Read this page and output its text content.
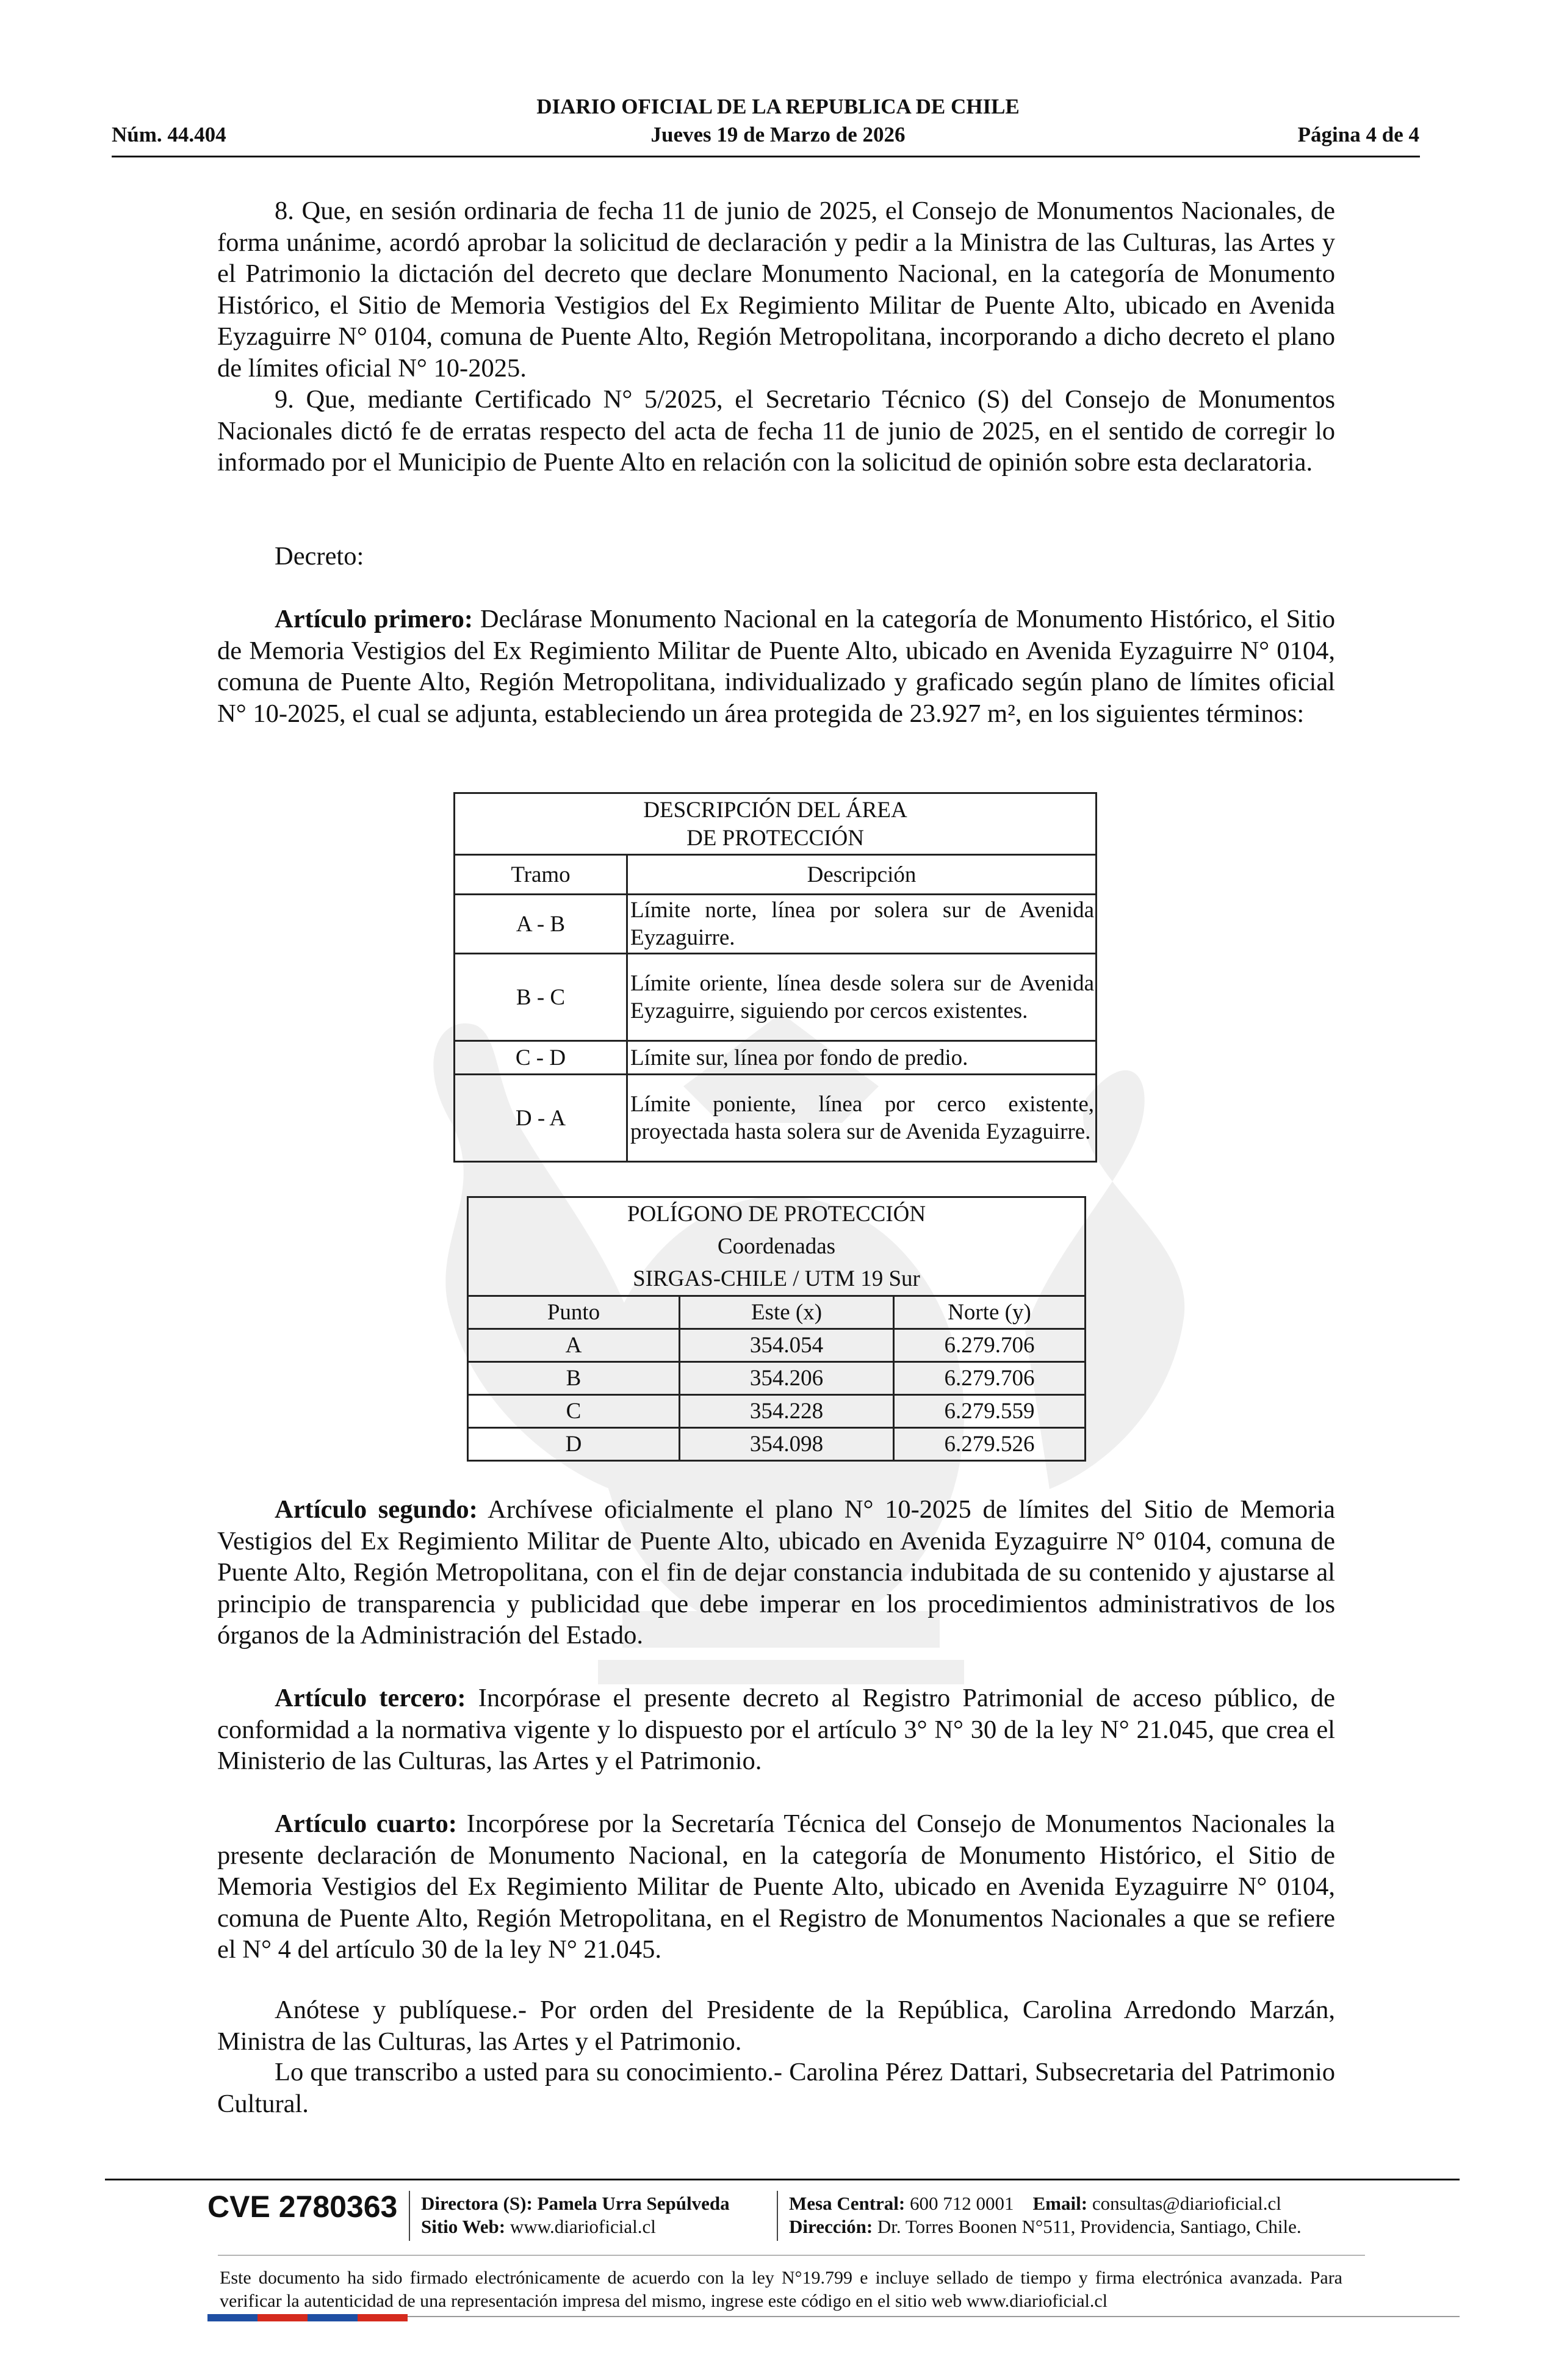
DIARIO OFICIAL DE LA REPUBLICA DE CHILE
Núm. 44.404	Jueves 19 de Marzo de 2026	Página 4 de 4

8. Que, en sesión ordinaria de fecha 11 de junio de 2025, el Consejo de Monumentos Nacionales, de forma unánime, acordó aprobar la solicitud de declaración y pedir a la Ministra de las Culturas, las Artes y el Patrimonio la dictación del decreto que declare Monumento Nacional, en la categoría de Monumento Histórico, el Sitio de Memoria Vestigios del Ex Regimiento Militar de Puente Alto, ubicado en Avenida Eyzaguirre N° 0104, comuna de Puente Alto, Región Metropolitana, incorporando a dicho decreto el plano de límites oficial N° 10-2025.

9. Que, mediante Certificado N° 5/2025, el Secretario Técnico (S) del Consejo de Monumentos Nacionales dictó fe de erratas respecto del acta de fecha 11 de junio de 2025, en el sentido de corregir lo informado por el Municipio de Puente Alto en relación con la solicitud de opinión sobre esta declaratoria.

Decreto:

Artículo primero: Declárase Monumento Nacional en la categoría de Monumento Histórico, el Sitio de Memoria Vestigios del Ex Regimiento Militar de Puente Alto, ubicado en Avenida Eyzaguirre N° 0104, comuna de Puente Alto, Región Metropolitana, individualizado y graficado según plano de límites oficial N° 10-2025, el cual se adjunta, estableciendo un área protegida de 23.927 m², en los siguientes términos:

DESCRIPCIÓN DEL ÁREA
DE PROTECCIÓN	

Tramo	Descripción
A - B	Límite norte, línea por solera sur de Avenida Eyzaguirre.
B - C	Límite oriente, línea desde solera sur de Avenida Eyzaguirre, siguiendo por cercos existentes.
C - D	Límite sur, línea por fondo de predio.
D - A	Límite poniente, línea por cerco existente, proyectada hasta solera sur de Avenida Eyzaguirre.
POLÍGONO DE PROTECCIÓN
Coordenadas
SIRGAS-CHILE / UTM 19 Sur		

Punto	Este (x)	Norte (y)
A	354.054	6.279.706
B	354.206	6.279.706
C	354.228	6.279.559
D	354.098	6.279.526

Artículo segundo: Archívese oficialmente el plano N° 10-2025 de límites del Sitio de Memoria Vestigios del Ex Regimiento Militar de Puente Alto, ubicado en Avenida Eyzaguirre N° 0104, comuna de Puente Alto, Región Metropolitana, con el fin de dejar constancia indubitada de su contenido y ajustarse al principio de transparencia y publicidad que debe imperar en los procedimientos administrativos de los órganos de la Administración del Estado.

Artículo tercero: Incorpórase el presente decreto al Registro Patrimonial de acceso público, de conformidad a la normativa vigente y lo dispuesto por el artículo 3° N° 30 de la ley N° 21.045, que crea el Ministerio de las Culturas, las Artes y el Patrimonio.

Artículo cuarto: Incorpórese por la Secretaría Técnica del Consejo de Monumentos Nacionales la presente declaración de Monumento Nacional, en la categoría de Monumento Histórico, el Sitio de Memoria Vestigios del Ex Regimiento Militar de Puente Alto, ubicado en Avenida Eyzaguirre N° 0104, comuna de Puente Alto, Región Metropolitana, en el Registro de Monumentos Nacionales a que se refiere el N° 4 del artículo 30 de la ley N° 21.045.

Anótese y publíquese.- Por orden del Presidente de la República, Carolina Arredondo Marzán, Ministra de las Culturas, las Artes y el Patrimonio.

Lo que transcribo a usted para su conocimiento.- Carolina Pérez Dattari, Subsecretaria del Patrimonio Cultural.

CVE 2780363 Directora (S): Pamela Urra Sepúlveda
Sitio Web: www.diarioficial.cl
Mesa Central: 600 712 0001 Email: consultas@diarioficial.cl
Dirección: Dr. Torres Boonen N°511, Providencia, Santiago, Chile.
Este documento ha sido firmado electrónicamente de acuerdo con la ley N°19.799 e incluye sellado de tiempo y firma electrónica avanzada. Para verificar la autenticidad de una representación impresa del mismo, ingrese este código en el sitio web www.diarioficial.cl
